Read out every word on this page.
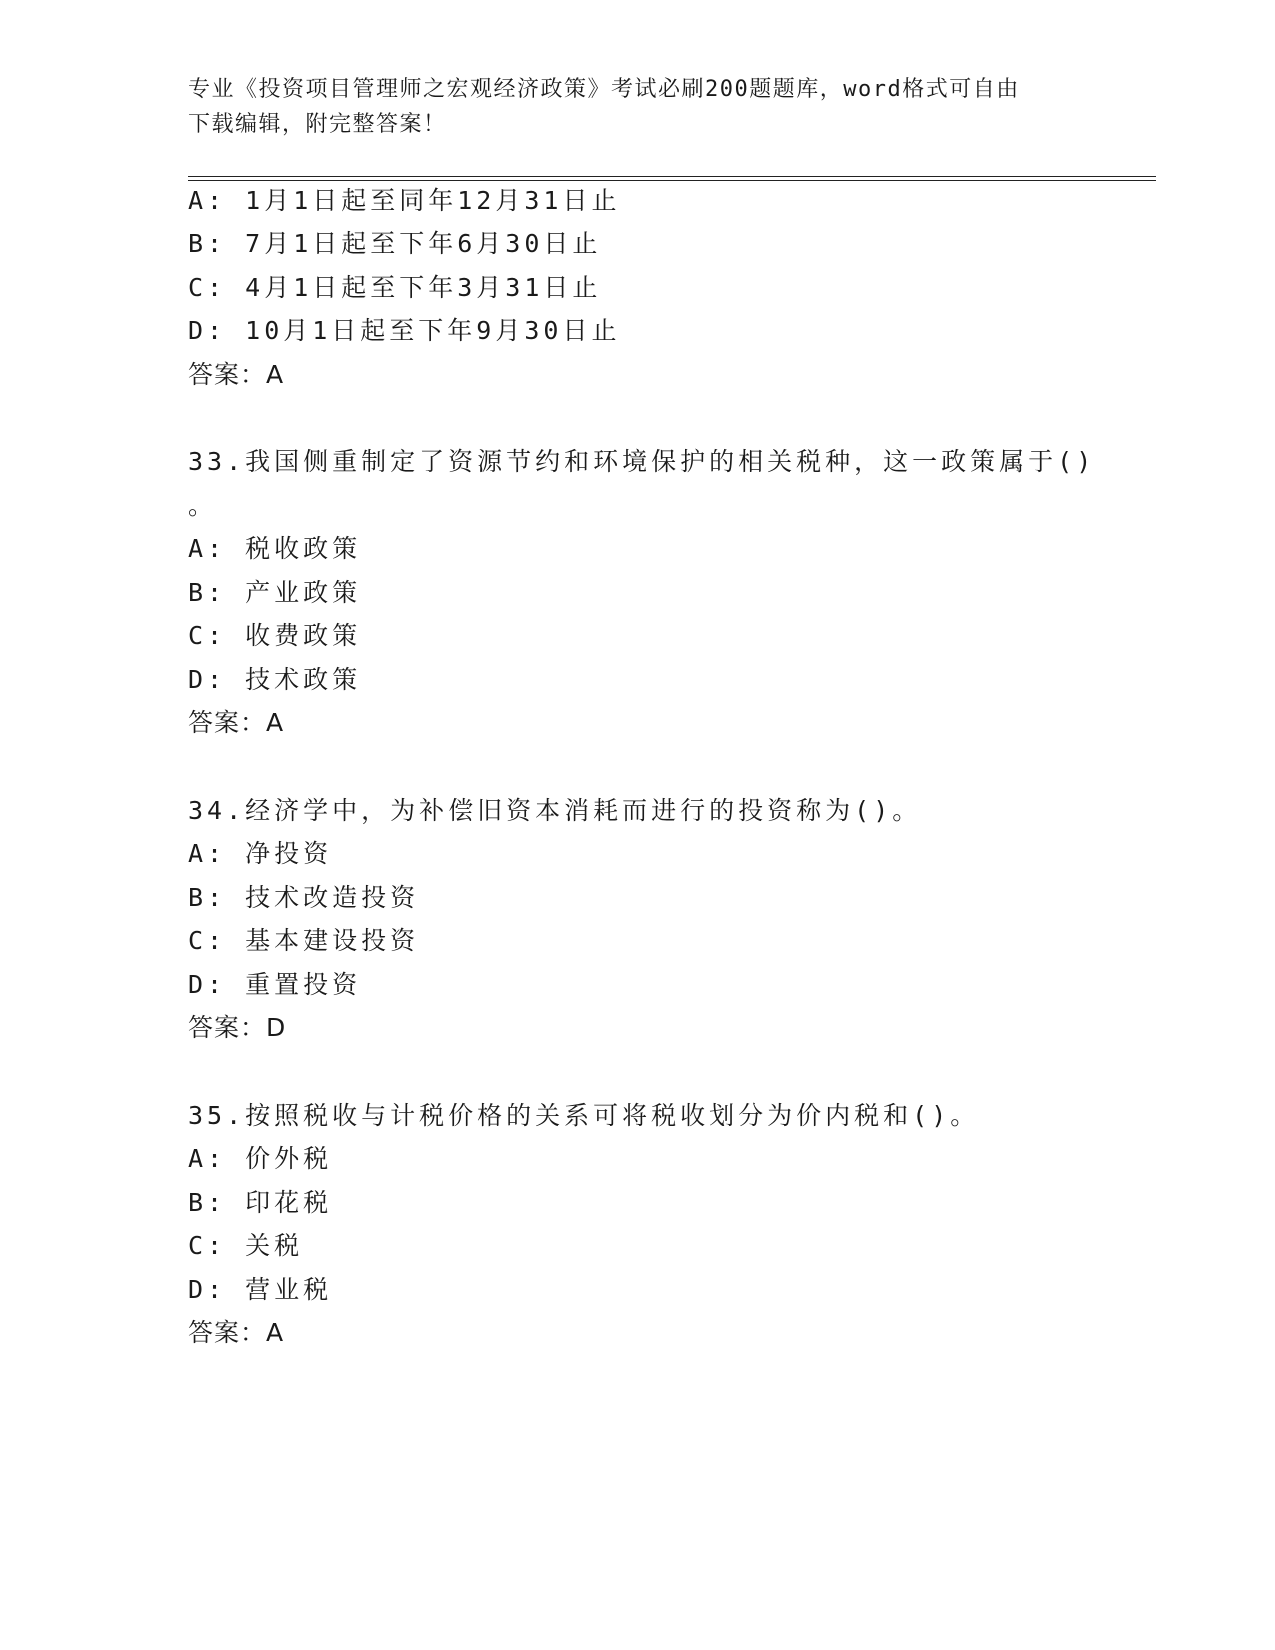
专业《投资项目管理师之宏观经济政策》考试必刷200题题库，word格式可自由
下载编辑，附完整答案！
A: 1月1日起至同年12月31日止
B: 7月1日起至下年6月30日止
C: 4月1日起至下年3月31日止
D: 10月1日起至下年9月30日止
答案：A
33.我国侧重制定了资源节约和环境保护的相关税种，这一政策属于()
。
A: 税收政策
B: 产业政策
C: 收费政策
D: 技术政策
答案：A
34.经济学中，为补偿旧资本消耗而进行的投资称为()。
A: 净投资
B: 技术改造投资
C: 基本建设投资
D: 重置投资
答案：D
35.按照税收与计税价格的关系可将税收划分为价内税和()。
A: 价外税
B: 印花税
C: 关税
D: 营业税
答案：A
